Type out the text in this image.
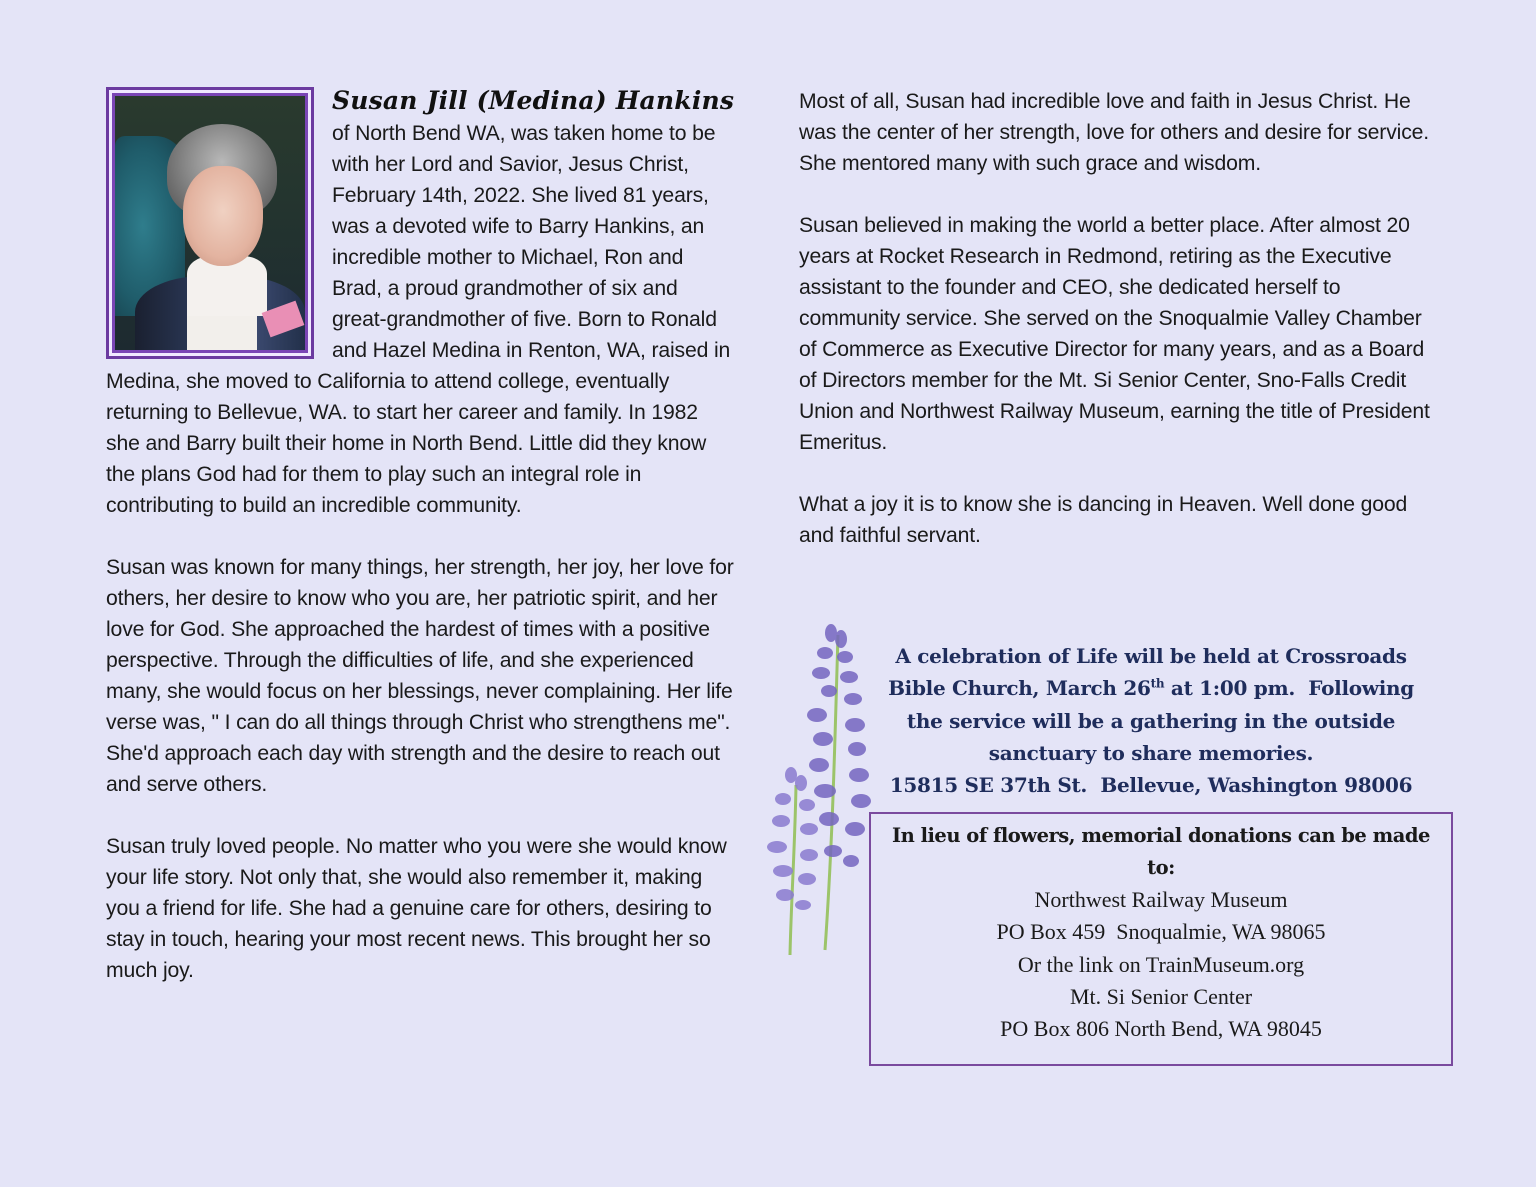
Susan Jill (Medina) Hankins

of North Bend WA, was taken home to be with her Lord and Savior, Jesus Christ, February 14th, 2022. She lived 81 years, was a devoted wife to Barry Hankins, an incredible mother to Michael, Ron and Brad, a proud grandmother of six and great-grandmother of five. Born to Ronald and Hazel Medina in Renton, WA, raised in Medina, she moved to California to attend college, eventually returning to Bellevue, WA. to start her career and family. In 1982 she and Barry built their home in North Bend. Little did they know the plans God had for them to play such an integral role in contributing to build an incredible community.

Susan was known for many things, her strength, her joy, her love for others, her desire to know who you are, her patriotic spirit, and her love for God. She approached the hardest of times with a positive perspective. Through the difficulties of life, and she experienced many, she would focus on her blessings, never complaining. Her life verse was, " I can do all things through Christ who strengthens me". She'd approach each day with strength and the desire to reach out and serve others.

Susan truly loved people. No matter who you were she would know your life story. Not only that, she would also remember it, making you a friend for life. She had a genuine care for others, desiring to stay in touch, hearing your most recent news. This brought her so much joy.

Most of all, Susan had incredible love and faith in Jesus Christ. He was the center of her strength, love for others and desire for service. She mentored many with such grace and wisdom.

Susan believed in making the world a better place. After almost 20 years at Rocket Research in Redmond, retiring as the Executive assistant to the founder and CEO, she dedicated herself to community service. She served on the Snoqualmie Valley Chamber of Commerce as Executive Director for many years, and as a Board of Directors member for the Mt. Si Senior Center, Sno-Falls Credit Union and Northwest Railway Museum, earning the title of President Emeritus.

What a joy it is to know she is dancing in Heaven. Well done good and faithful servant.

A celebration of Life will be held at Crossroads
Bible Church, March 26th at 1:00 pm.  Following
the service will be a gathering in the outside
sanctuary to share memories.
15815 SE 37th St.  Bellevue, Washington 98006
In lieu of flowers, memorial donations can be made to:
Northwest Railway Museum
PO Box 459  Snoqualmie, WA 98065
Or the link on TrainMuseum.org
Mt. Si Senior Center
PO Box 806 North Bend, WA 98045
